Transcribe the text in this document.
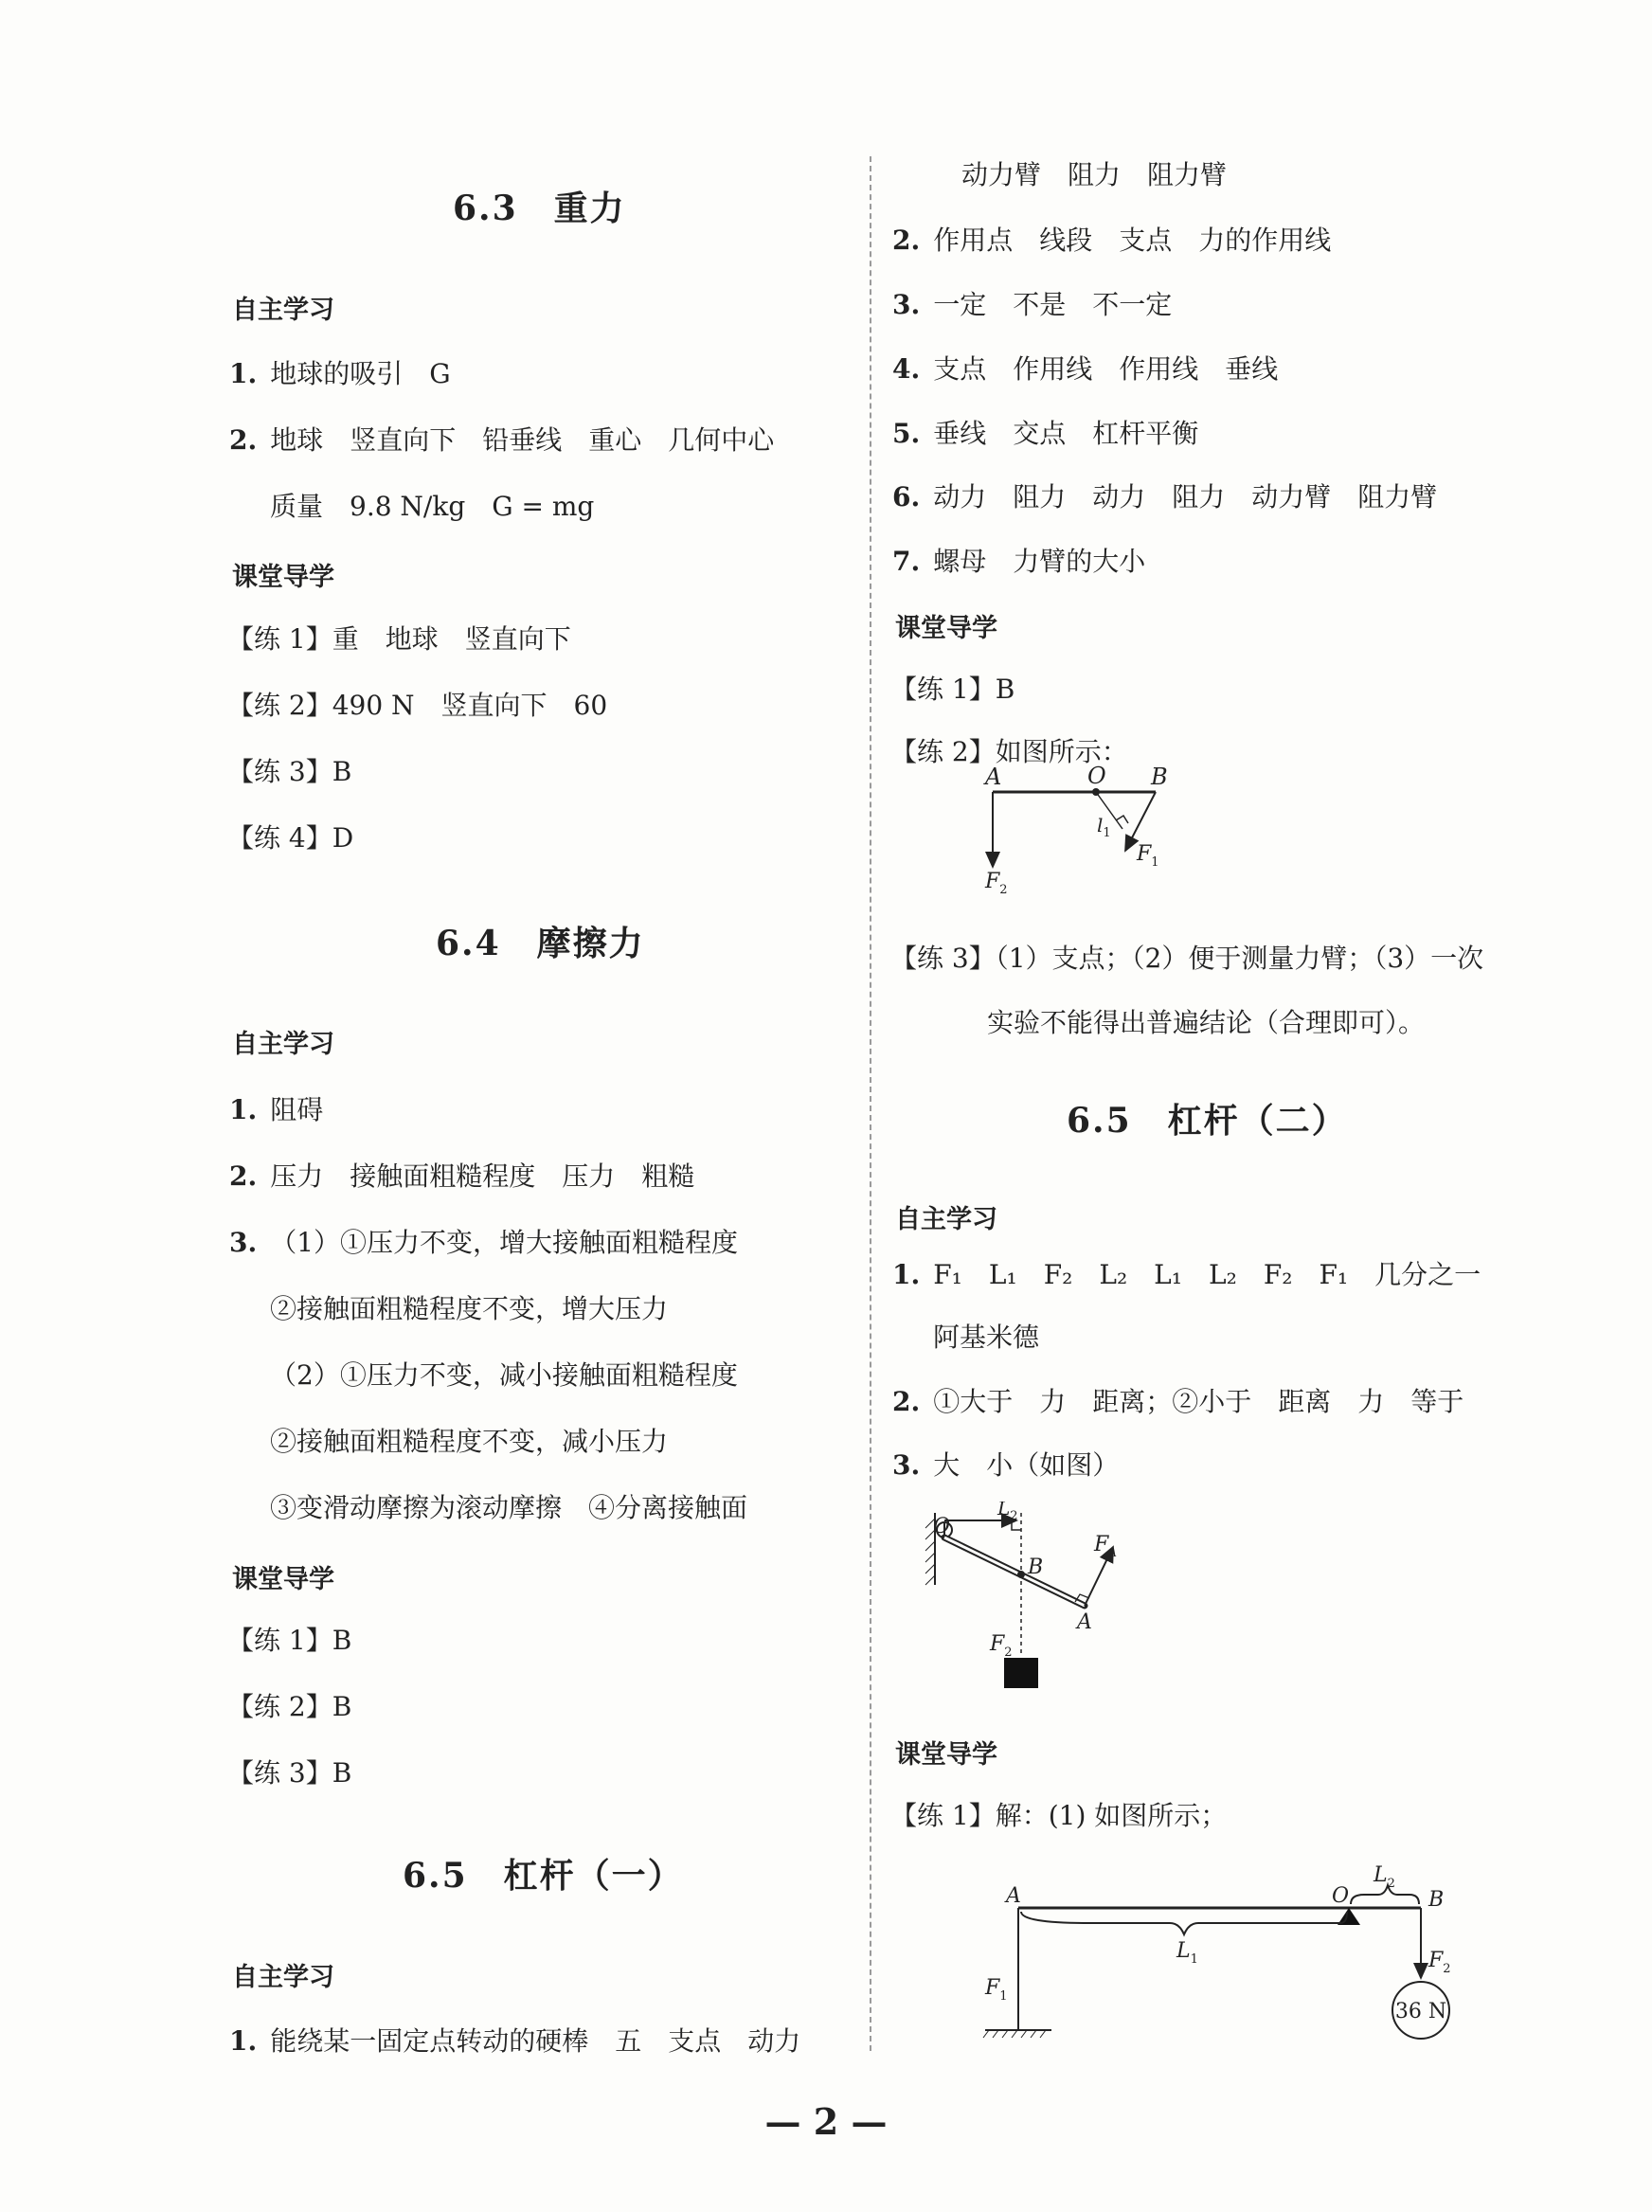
6.3　重力
自主学习
1. 地球的吸引　G
2. 地球　竖直向下　铅垂线　重心　几何中心
质量　9.8 N/kg　G = mg
课堂导学
【练 1】重　地球　竖直向下
【练 2】490 N　竖直向下　60
【练 3】B
【练 4】D
6.4　摩擦力
自主学习
1. 阻碍
2. 压力　接触面粗糙程度　压力　粗糙
3. （1）①压力不变，增大接触面粗糙程度
②接触面粗糙程度不变，增大压力
（2）①压力不变，减小接触面粗糙程度
②接触面粗糙程度不变，减小压力
③变滑动摩擦为滚动摩擦　④分离接触面
课堂导学
【练 1】B
【练 2】B
【练 3】B
6.5　杠杆（一）
自主学习
1. 能绕某一固定点转动的硬棒　五　支点　动力
动力臂　阻力　阻力臂
2. 作用点　线段　支点　力的作用线
3. 一定　不是　不一定
4. 支点　作用线　作用线　垂线
5. 垂线　交点　杠杆平衡
6. 动力　阻力　动力　阻力　动力臂　阻力臂
7. 螺母　力臂的大小
课堂导学
【练 1】B
【练 2】如图所示：
A	O B
$l_1$
$F_1$
$F_2$
【练 3】（1）支点；（2）便于测量力臂；（3）一次
实验不能得出普遍结论（合理即可）。
6.5　杠杆（二）
自主学习
1. F₁　L₁　F₂　L₂　L₁　L₂　F₂　F₁　几分之一
阿基米德
2. ①大于　力　距离；②小于　距离　力　等于
3. 大　小（如图）
O
$L_2$
B
$F_A$
A
$F_2$
课堂导学
【练 1】解：(1) 如图所示；
A	O	B
$L_1$
$L_2$
$F_1$
$F_2$
36 N
— 2 —
